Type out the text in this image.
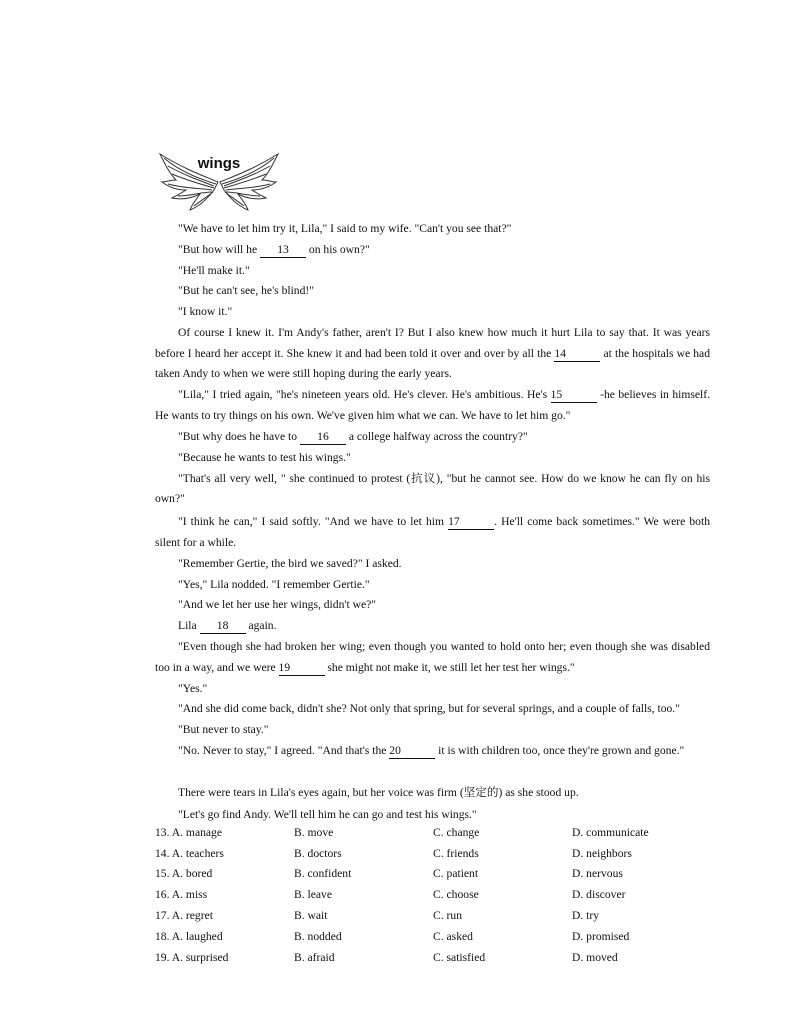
wings
"We have to let him try it, Lila," I said to my wife. "Can't you see that?"
"But how will he 13 on his own?"
"He'll make it."
"But he can't see, he's blind!"
"I know it."
Of course I knew it. I'm Andy's father, aren't I? But I also knew how much it hurt Lila to say that. It was years before I heard her accept it. She knew it and had been told it over and over by all the 14	at the hospitals we had taken Andy to when we were still hoping during the early years.
"Lila," I tried again, "he's nineteen years old. He's clever. He's ambitious. He's 15	-he believes in himself. He wants to try things on his own. We've given him what we can. We have to let him go."
"But why does he have to 16 a college halfway across the country?"
"Because he wants to test his wings."
"That's all very well, " she continued to protest (抗议), "but he cannot see. How do we know he can fly on his own?"
"I think he can," I said softly. "And we have to let him 17	. He'll come back sometimes." We were both silent for a while.
"Remember Gertie, the bird we saved?" I asked.
"Yes," Lila nodded. "I remember Gertie."
"And we let her use her wings, didn't we?"
Lila 18 again.
"Even though she had broken her wing; even though you wanted to hold onto her; even though she was disabled too in a way, and we were 19	she might not make it, we still let her test her wings."
"Yes."
"And she did come back, didn't she? Not only that spring, but for several springs, and a couple of falls, too."
"But never to stay."
"No. Never to stay," I agreed. "And that's the 20	it is with children too, once they're grown and gone."
There were tears in Lila's eyes again, but her voice was firm (坚定的) as she stood up.
"Let's go find Andy. We'll tell him he can go and test his wings."
13. A. manage	B. move	C. change	D. communicate
14. A. teachers	B. doctors	C. friends	D. neighbors
15. A. bored	B. confident	C. patient	D. nervous
16. A. miss	B. leave	C. choose	D. discover
17. A. regret	B. wait	C. run	D. try
18. A. laughed	B. nodded	C. asked	D. promised
19. A. surprised	B. afraid	C. satisfied	D. moved
